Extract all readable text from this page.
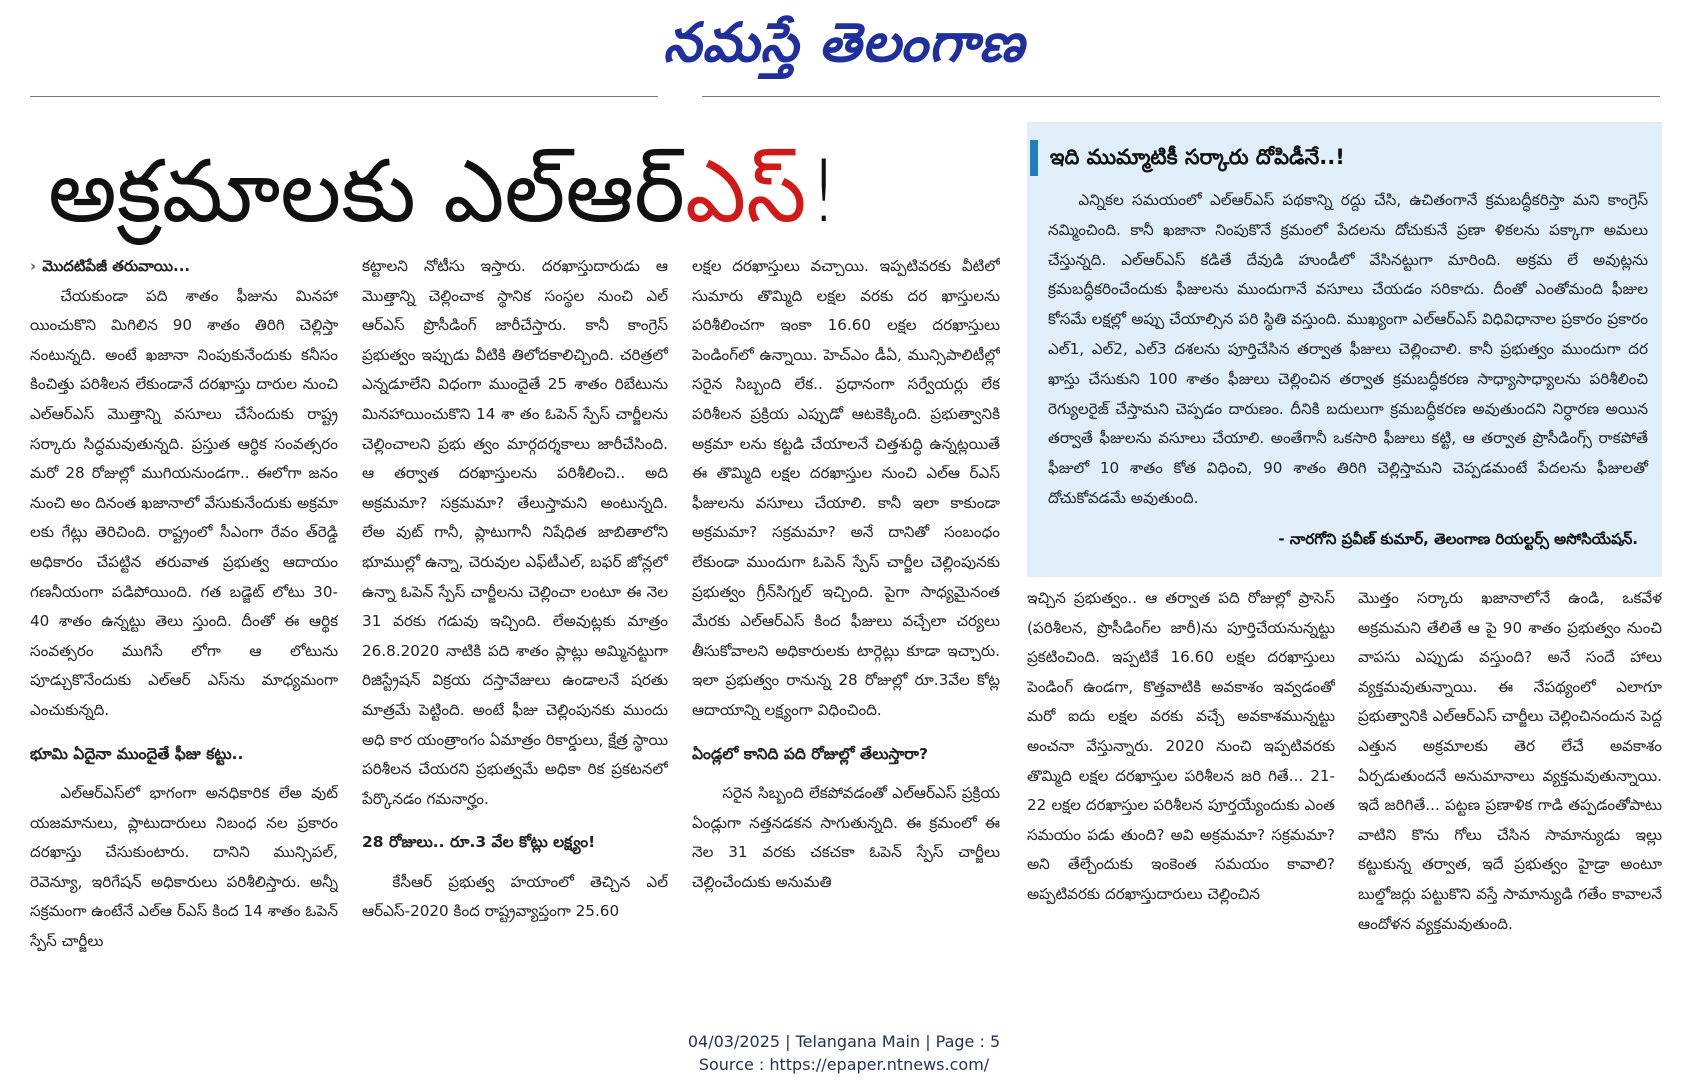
నమస్తే తెలంగాణ
అక్రమాలకు ఎల్‌ఆర్‌ఎస్‌!

› మొదటిపేజీ తరువాయి...

చేయకుండా పది శాతం ఫీజును మినహా యించుకొని మిగిలిన 90 శాతం తిరిగి చెల్లిస్తా నంటున్నది. అంటే ఖజానా నింపుకునేందుకు కనీసం కించిత్తు పరిశీలన లేకుండానే దరఖాస్తు దారుల నుంచి ఎల్‌ఆర్‌ఎస్‌ మొత్తాన్ని వసూలు చేసేందుకు రాష్ట్ర సర్కారు సిద్ధమవుతున్నది. ప్రస్తుత ఆర్థిక సంవత్సరం మరో 28 రోజుల్లో ముగియనుండగా.. ఈలోగా జనం నుంచి అం దినంత ఖజానాలో వేసుకునేందుకు అక్రమా లకు గేట్లు తెరిచింది. రాష్ట్రంలో సీఎంగా రేవం త్‌రెడ్డి అధికారం చేపట్టిన తరువాత ప్రభుత్వ ఆదాయం గణనీయంగా పడిపోయింది. గత బడ్జెట్‌ లోటు 30-40 శాతం ఉన్నట్టు తెలు స్తుంది. దీంతో ఈ ఆర్థిక సంవత్సరం ముగిసే లోగా ఆ లోటును పూడ్చుకొనేందుకు ఎల్‌ఆర్‌ ఎస్‌ను మాధ్యమంగా ఎంచుకున్నది.

భూమి ఏదైనా ముందైతే ఫీజు కట్టు..

ఎల్‌ఆర్‌ఎస్‌లో భాగంగా అనధికారిక లేఅ వుట్‌ యజమానులు, ప్లాటుదారులు నిబంధ నల ప్రకారం దరఖాస్తు చేసుకుంటారు. దానిని మున్సిపల్‌, రెవెన్యూ, ఇరిగేషన్‌ అధికారులు పరిశీలిస్తారు. అన్నీ సక్రమంగా ఉంటేనే ఎల్‌ఆ ర్‌ఎస్‌ కింద 14 శాతం ఓపెన్‌ స్పేస్‌ చార్జీలు

కట్టాలని నోటీసు ఇస్తారు. దరఖాస్తుదారుడు ఆ మొత్తాన్ని చెల్లించాక స్థానిక సంస్థల నుంచి ఎల్‌ ఆర్‌ఎస్‌ ప్రొసీడింగ్‌ జారీచేస్తారు. కానీ కాంగ్రెస్‌ ప్రభుత్వం ఇప్పుడు వీటికి తిలోదకాలిచ్చింది. చరిత్రలో ఎన్నడూలేని విధంగా ముందైతే 25 శాతం రిబేటును మినహాయించుకొని 14 శా తం ఓపెన్‌ స్పేస్‌ చార్జీలను చెల్లించాలని ప్రభు త్వం మార్గదర్శకాలు జారీచేసింది. ఆ తర్వాత దరఖాస్తులను పరిశీలించి.. అది అక్రమమా? సక్రమమా? తేలుస్తామని అంటున్నది. లేఅ వుట్‌ గానీ, ప్లాటుగానీ నిషేధిత జాబితాలోని భూముల్లో ఉన్నా, చెరువుల ఎఫ్‌టీఎల్‌, బఫర్‌ జోన్లలో ఉన్నా ఓపెన్‌ స్పేస్‌ చార్జీలను చెల్లించా లంటూ ఈ నెల 31 వరకు గడువు ఇచ్చింది. లేఅవుట్లకు మాత్రం 26.8.2020 నాటికి పది శాతం ప్లాట్లు అమ్మినట్టుగా రిజిస్ట్రేషన్‌ విక్రయ దస్తావేజులు ఉండాలనే షరతు మాత్రమే పెట్టింది. అంటే ఫీజు చెల్లింపునకు ముందు అధి కార యంత్రాంగం ఏమాత్రం రికార్డులు, క్షేత్ర స్థాయి పరిశీలన చేయరని ప్రభుత్వమే అధికా రిక ప్రకటనలో పేర్కొనడం గమనార్హం.

28 రోజులు.. రూ.3 వేల కోట్లు లక్ష్యం!

కేసీఆర్‌ ప్రభుత్వ హయాంలో తెచ్చిన ఎల్‌ ఆర్‌ఎస్‌-2020 కింద రాష్ట్రవ్యాప్తంగా 25.60

లక్షల దరఖాస్తులు వచ్చాయి. ఇప్పటివరకు వీటిలో సుమారు తొమ్మిది లక్షల వరకు దర ఖాస్తులను పరిశీలించగా ఇంకా 16.60 లక్షల దరఖాస్తులు పెండింగ్‌లో ఉన్నాయి. హెచ్‌ఎం డీఏ, మున్సిపాలిటీల్లో సరైన సిబ్బంది లేక.. ప్రధానంగా సర్వేయర్లు లేక పరిశీలన ప్రక్రియ ఎప్పుడో ఆటకెక్కింది. ప్రభుత్వానికి అక్రమా లను కట్టడి చేయాలనే చిత్తశుద్ధి ఉన్నట్లయితే ఈ తొమ్మిది లక్షల దరఖాస్తుల నుంచి ఎల్‌ఆ ర్‌ఎస్‌ ఫీజులను వసూలు చేయాలి. కానీ ఇలా కాకుండా అక్రమమా? సక్రమమా? అనే దానితో సంబంధం లేకుండా ముందుగా ఓపెన్‌ స్పేస్‌ చార్జీల చెల్లింపునకు ప్రభుత్వం గ్రీన్‌సిగ్నల్‌ ఇచ్చింది. పైగా సాధ్యమైనంత మేరకు ఎల్‌ఆర్‌ఎస్‌ కింద ఫీజులు వచ్చేలా చర్యలు తీసుకోవాలని అధికారులకు టార్గెట్లు కూడా ఇచ్చారు. ఇలా ప్రభుత్వం రానున్న 28 రోజుల్లో రూ.3వేల కోట్ల ఆదాయాన్ని లక్ష్యంగా విధించింది.

ఏండ్లలో కానిది పది రోజుల్లో తేలుస్తారా?

సరైన సిబ్బంది లేకపోవడంతో ఎల్‌ఆర్‌ఎస్‌ ప్రక్రియ ఏండ్లుగా నత్తనడకన సాగుతున్నది. ఈ క్రమంలో ఈ నెల 31 వరకు చకచకా ఓపెన్‌ స్పేస్‌ చార్జీలు చెల్లించేందుకు అనుమతి

ఇది ముమ్మాటికీ సర్కారు దోపిడీనే..!

ఎన్నికల సమయంలో ఎల్‌ఆర్‌ఎస్‌ పథకాన్ని రద్దు చేసి, ఉచితంగానే క్రమబద్ధీకరిస్తా మని కాంగ్రెస్‌ నమ్మించింది. కానీ ఖజానా నింపుకొనే క్రమంలో పేదలను దోచుకునే ప్రణా ళికలను పక్కాగా అమలు చేస్తున్నది. ఎల్‌ఆర్‌ఎస్‌ కడితే దేవుడి హుండీలో వేసినట్టుగా మారింది. అక్రమ లే అవుట్లను క్రమబద్ధీకరించేందుకు ఫీజులను ముందుగానే వసూలు చేయడం సరికాదు. దీంతో ఎంతోమంది ఫీజుల కోసమే లక్షల్లో అప్పు చేయాల్సిన పరి స్థితి వస్తుంది. ముఖ్యంగా ఎల్‌ఆర్‌ఎస్‌ విధివిధానాల ప్రకారం ప్రకారం ఎల్‌1, ఎల్‌2, ఎల్‌3 దశలను పూర్తిచేసిన తర్వాత ఫీజులు చెల్లించాలి. కానీ ప్రభుత్వం ముందుగా దర ఖాస్తు చేసుకుని 100 శాతం ఫీజులు చెల్లించిన తర్వాత క్రమబద్ధీకరణ సాధ్యాసాధ్యాలను పరిశీలించి రెగ్యులరైజ్‌ చేస్తామని చెప్పడం దారుణం. దీనికి బదులుగా క్రమబద్ధీకరణ అవుతుందని నిర్ధారణ అయిన తర్వాతే ఫీజులను వసూలు చేయాలి. అంతేగానీ ఒకసారి ఫీజులు కట్టి, ఆ తర్వాత ప్రొసీడింగ్స్‌ రాకపోతే ఫీజులో 10 శాతం కోత విధించి, 90 శాతం తిరిగి చెల్లిస్తామని చెప్పడమంటే పేదలను ఫీజులతో దోచుకోవడమే అవుతుంది.

- నారగోని ప్రవీణ్‌ కుమార్‌, తెలంగాణ రియల్టర్స్‌ అసోసియేషన్‌.

ఇచ్చిన ప్రభుత్వం.. ఆ తర్వాత పది రోజుల్లో ప్రాసెస్‌ (పరిశీలన, ప్రొసీడింగ్‌ల జారీ)ను పూర్తిచేయనున్నట్టు ప్రకటించింది. ఇప్పటికే 16.60 లక్షల దరఖాస్తులు పెండింగ్‌ ఉండగా, కొత్తవాటికి అవకాశం ఇవ్వడంతో మరో ఐదు లక్షల వరకు వచ్చే అవకాశమున్నట్టు అంచనా వేస్తున్నారు. 2020 నుంచి ఇప్పటివరకు తొమ్మిది లక్షల దరఖాస్తుల పరిశీలన జరి గితే... 21-22 లక్షల దరఖాస్తుల పరిశీలన పూర్తయ్యేందుకు ఎంత సమయం పడు తుంది? అవి అక్రమమా? సక్రమమా? అని తేల్చేందుకు ఇంకెంత సమయం కావాలి? అప్పటివరకు దరఖాస్తుదారులు చెల్లించిన

మొత్తం సర్కారు ఖజానాలోనే ఉండి, ఒకవేళ అక్రమమని తేలితే ఆ పై 90 శాతం ప్రభుత్వం నుంచి వాపసు ఎప్పుడు వస్తుంది? అనే సందే హాలు వ్యక్తమవుతున్నాయి. ఈ నేపథ్యంలో ఎలాగూ ప్రభుత్వానికి ఎల్‌ఆర్‌ఎస్‌ చార్జీలు చెల్లించినందున పెద్ద ఎత్తున అక్రమాలకు తెర లేచే అవకాశం ఏర్పడుతుందనే అనుమానాలు వ్యక్తమవుతున్నాయి. ఇదే జరిగితే... పట్టణ ప్రణాళిక గాడి తప్పడంతోపాటు వాటిని కొను గోలు చేసిన సామాన్యుడు ఇల్లు కట్టుకున్న తర్వాత, ఇదే ప్రభుత్వం హైడ్రా అంటూ బుల్డోజర్లు పట్టుకొని వస్తే సామాన్యుడి గతేం కావాలనే ఆందోళన వ్యక్తమవుతుంది.

04/03/2025 | Telangana Main | Page : 5
Source : https://epaper.ntnews.com/
